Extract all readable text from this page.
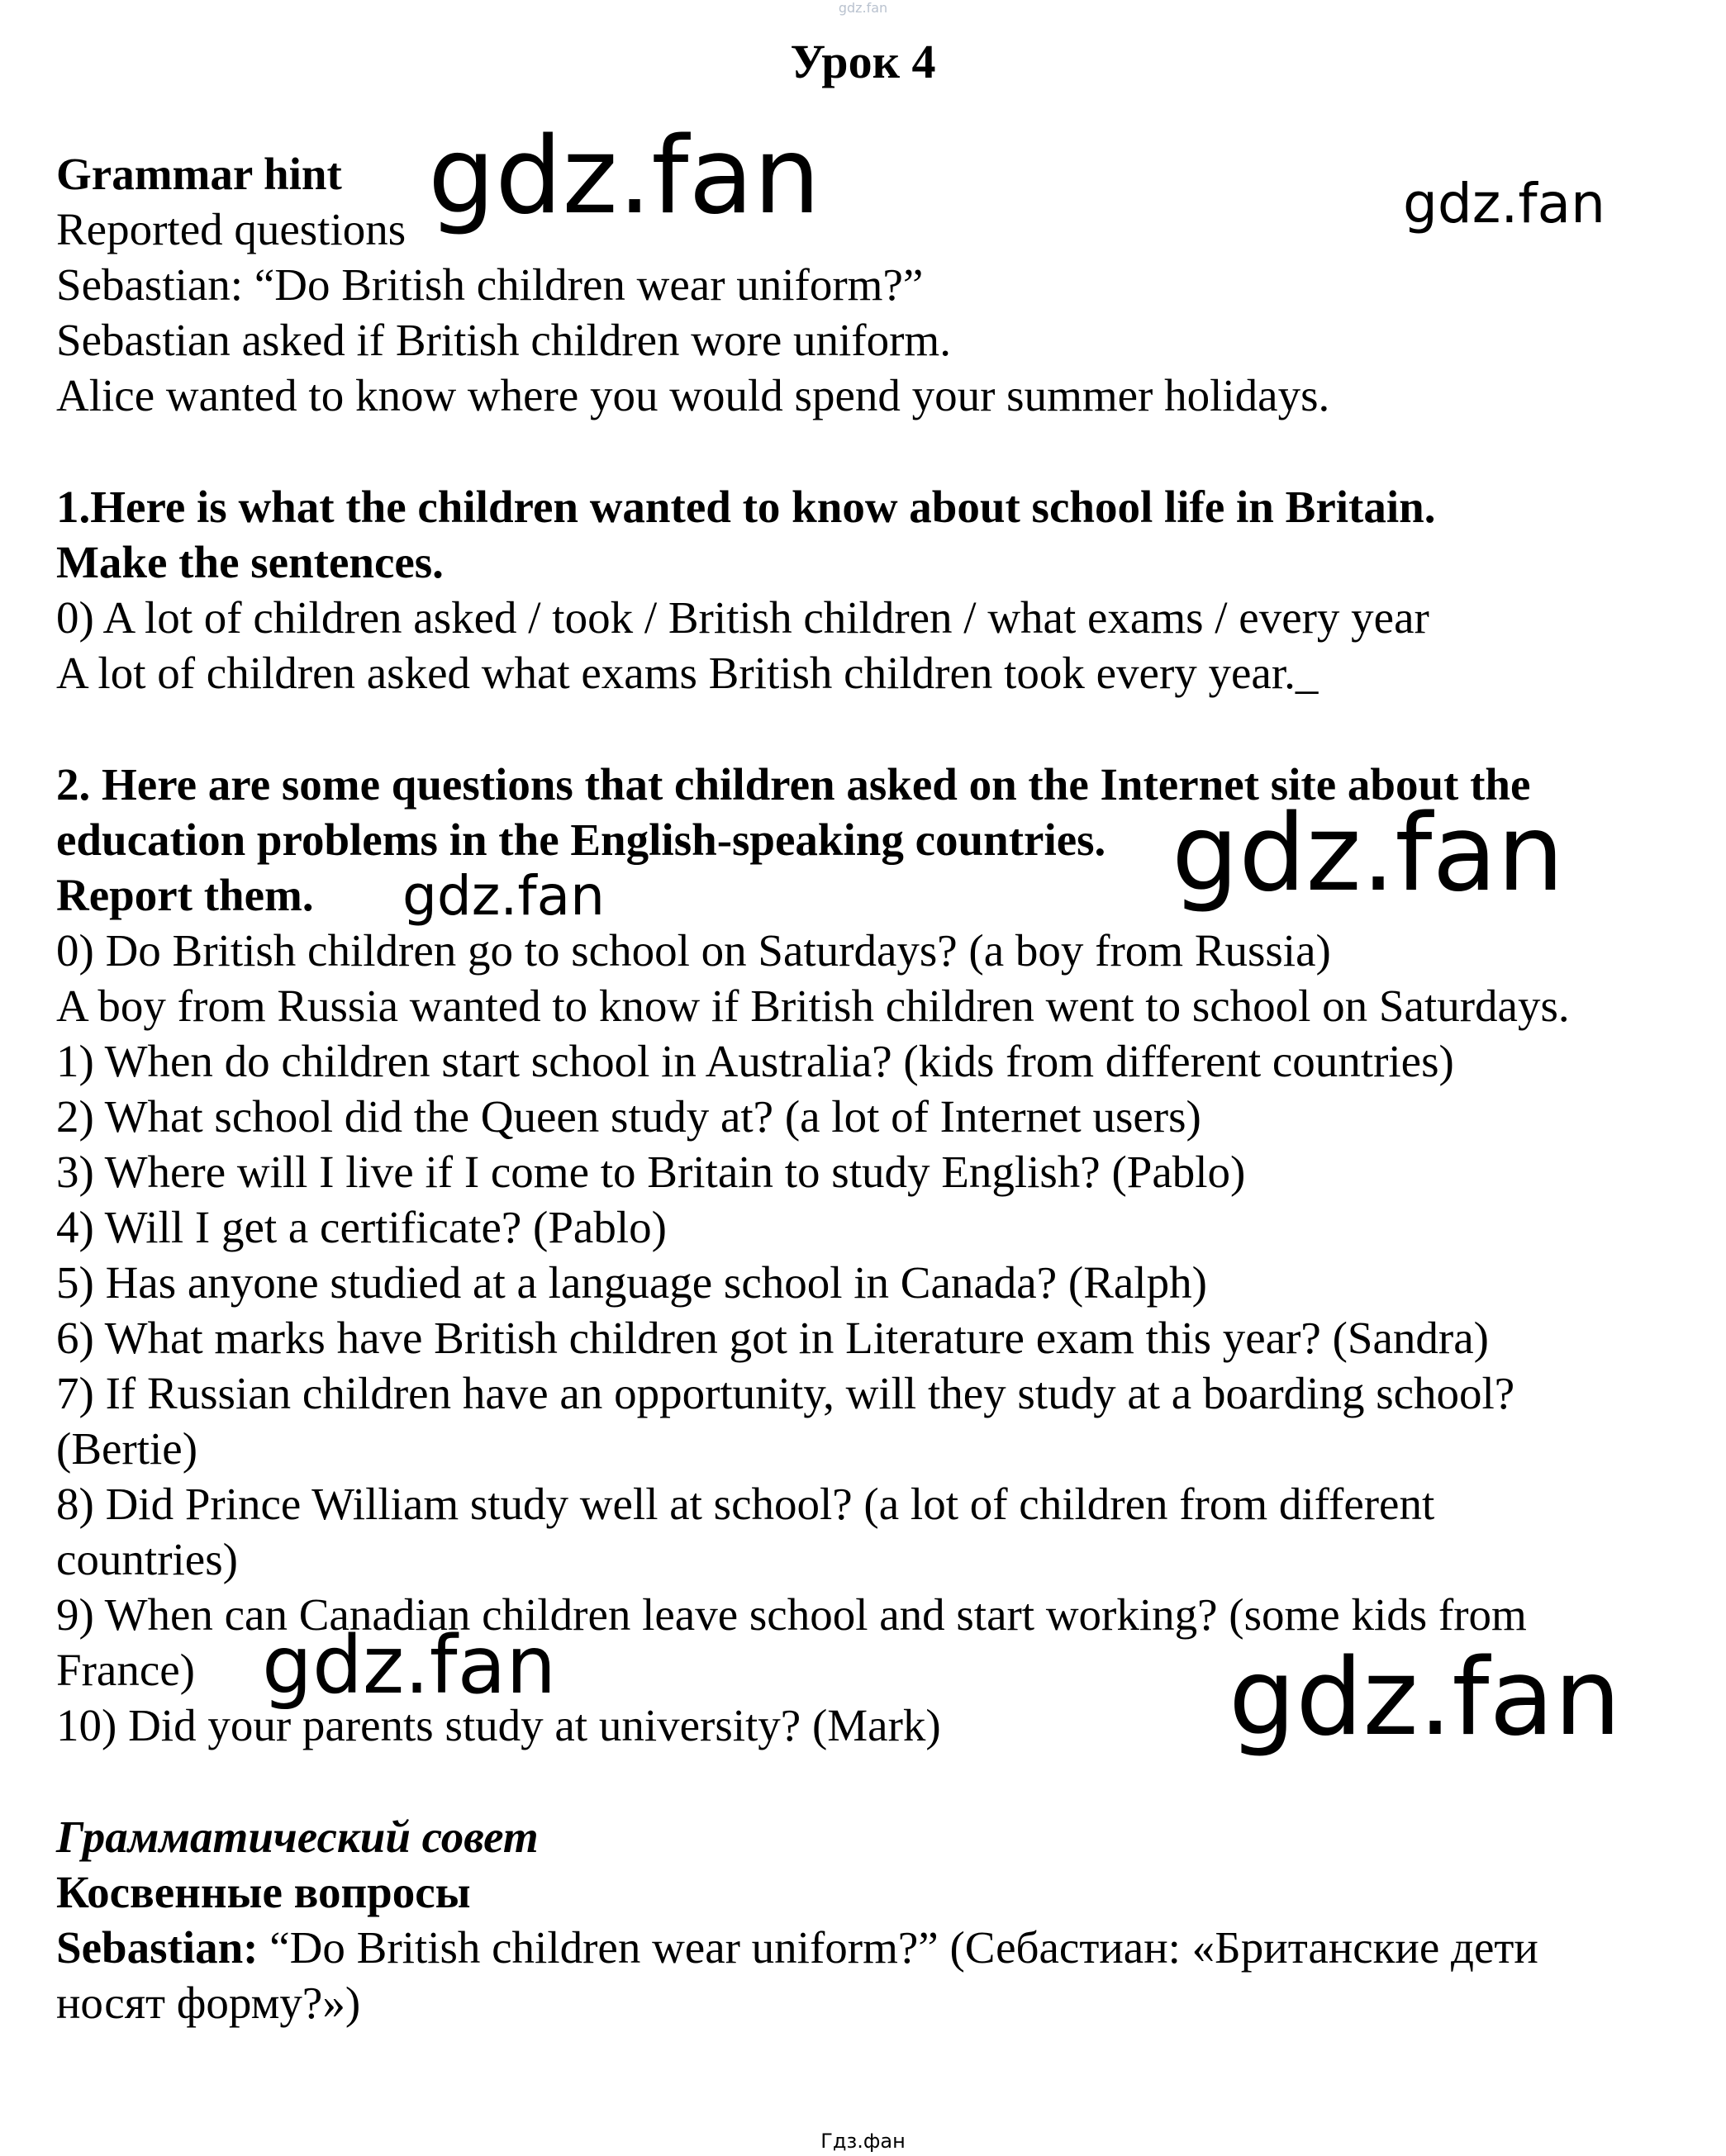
gdz.fan
Урок 4
Grammar hint
Reported questions
Sebastian: “Do British children wear uniform?”
Sebastian asked if British children wore uniform.
Alice wanted to know where you would spend your summer holidays.
1.Here is what the children wanted to know about school life in Britain.
Make the sentences.
0) A lot of children asked / took / British children / what exams / every year
A lot of children asked what exams British children took every year._
2. Here are some questions that children asked on the Internet site about the
education problems in the English-speaking countries.
Report them.
0) Do British children go to school on Saturdays? (a boy from Russia)
A boy from Russia wanted to know if British children went to school on Saturdays.
1) When do children start school in Australia? (kids from different countries)
2) What school did the Queen study at? (a lot of Internet users)
3) Where will I live if I come to Britain to study English? (Pablo)
4) Will I get a certificate? (Pablo)
5) Has anyone studied at a language school in Canada? (Ralph)
6) What marks have British children got in Literature exam this year? (Sandra)
7) If Russian children have an opportunity, will they study at a boarding school?
(Bertie)
8) Did Prince William study well at school? (a lot of children from different
countries)
9) When can Canadian children leave school and start working? (some kids from
France)
10) Did your parents study at university? (Mark)
Грамматический совет
Косвенные вопросы
Sebastian: “Do British children wear uniform?” (Себастиан: «Британские дети
носят форму?»)
gdz.fan	gdz.fan
gdz.fan
gdz.fan
gdz.fan	gdz.fan
Гдз.фан
